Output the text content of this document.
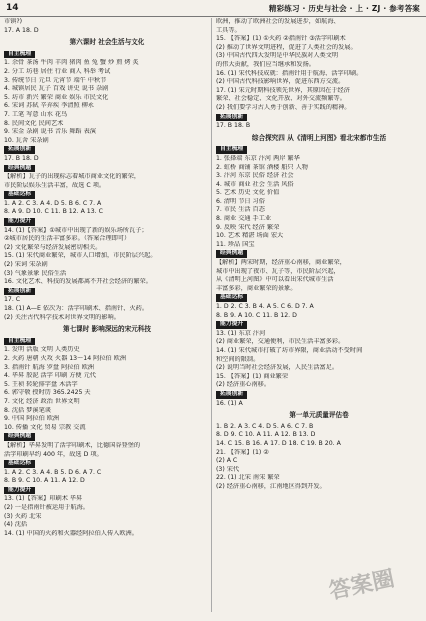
14	精彩练习 · 历史与社会 · 上 · ZJ · 参考答案
市镇?)
17. A 18. D
第六课时 社会生活与文化
自主梳理
1. 余骨 茶汤 牛肉 羊肉 猪肉 鱼 兔 蟹 炒 煎 烤 炙
2. 分工 坊巷 居住 行业 商人 科举 考试
3. 传统节日 元旦 元宵节 端午 中秋节
4. 城镇居民 瓦子 百戏 讲史 说书 杂剧
5. 坊市 新兴 繁荣 商业 娱乐 市民文化
6. 宋词 苏轼 辛弃疾 李清照 柳永
7. 工笔 写意 山水 花鸟
8. 民间文化 民间艺术
9. 宋金 杂剧 说书 音乐 舞蹈 表演
10. 瓦舍 宋杂剧
拓展创新
17. B 18. D
经典例题
【解析】瓦子的出现标志着城市商业文化的繁荣，
市民阶层娱乐生活丰富，故选 C 项。
基础达标
1. A 2. C 3. A 4. D 5. B 6. C 7. A
8. A 9. D 10. C 11. B 12. A 13. C
能力提升
14. (1)【答案】①城市中出现了新的娱乐场所瓦子；
②城市居民的生活丰富多彩。（答案合理即可）
(2) 文化繁荣与经济发展密切相关。
15. (1) 宋代商业繁荣，城市人口增加，市民阶层兴起。
(2) 宋词 宋杂剧
(3) 气象景象 民俗生活
16. 文化艺术、科技的发展都离不开社会经济的繁荣。
拓展创新
17. C
18. (1) A—E 依次为：活字印刷术、指南针、火药。
(2) 关注古代科学技术对世界文明的影响。
第七课时 影响深远的宋元科技
自主梳理
1. 发明 活版 文明 人类历史
2. 火药 唐朝 火攻 火器 13～14 阿拉伯 欧洲
3. 指南针 航海 罗盘 阿拉伯 欧洲
4. 毕昇 胶泥 活字 印刷 方便 元代
5. 王祯 转轮排字盘 木活字
6. 郭守敬 授时历 365.2425 天
7. 文化 经济 政治 世界文明
8. 沈括 梦溪笔谈
9. 中国 阿拉伯 欧洲
10. 传播 文化 贸易 宗教 交流
经典例题
【解析】毕昇发明了活字印刷术，比德国谷登堡的
活字印刷早约 400 年，故选 D 项。
基础达标
1. A 2. C 3. A 4. B 5. D 6. A 7. C
8. B 9. C 10. A 11. A 12. D
能力提升
13. (1)【答案】印刷术 毕昇
(2) 一是指南针被运用于航海。
(3) 火药 北宋
(4) 沈括
14. (1) 中国的火药和火器经阿拉伯人传入欧洲。
欧洲，推动了欧洲社会的发展进步，如航海、
工具等。
15. 【答案】(1) ①火药 ②指南针 ③活字印刷术
(2) 推动了世界文明进程，促进了人类社会的发展。
(3) 中国古代四大发明是中华民族对人类文明
的伟大贡献，我们应当继承和发扬。
16. (1) 宋代科技成就：指南针用于航海、活字印刷。
(2) 中国古代科技影响世界，促进东西方交流。
17. (1) 宋元时期科技领先世界，其原因在于经济
繁荣、社会稳定、文化开放、对外交流频繁等。
(2) 我们要学习古人勇于创新、善于实践的精神。
拓展创新
17. B 18. B
综合探究四 从《清明上河图》看北宋都市生活
自主梳理
1. 张择端 东京 汴河 两岸 繁华
2. 虹桥 商铺 茶馆 酒楼 船只 人物
3. 汴河 东京 民俗 经济 社会
4. 城市 商业 社会 生活 风俗
5. 艺术 历史 文化 价值
6. 清明 节日 习俗
7. 市民 生活 百态
8. 商业 交通 手工业
9. 反映 宋代 经济 繁荣
10. 艺术 精湛 场面 宏大
11. 珍品 国宝
经典例题
【解析】两宋时期，经济重心南移，商业繁荣，
城市中出现了夜市、瓦子等，市民阶层兴起，
从《清明上河图》中可以看出宋代城市生活
丰富多彩，商业繁荣的景象。
基础达标
1. D 2. C 3. B 4. A 5. C 6. D 7. A
8. B 9. A 10. C 11. B 12. D
能力提升
13. (1) 东京 汴河
(2) 商业繁荣，交通便利，市民生活丰富多彩。
14. (1) 宋代城市打破了坊市界限，商业活动不受时间
和空间的限制。
(2) 说明当时社会经济发展，人民生活富足。
15. 【答案】(1) 商业繁荣
(2) 经济重心南移。
拓展创新
16. (1) A
第一单元质量评估卷
1. B 2. A 3. C 4. D 5. A 6. C 7. B
8. D 9. C 10. A 11. A 12. B 13. D
14. C 15. B 16. A 17. D 18. C 19. B 20. A
21. 【答案】(1) ②
(2) A C
(3) 宋代
22. (1) 北宋 南宋 繁荣
(2) 经济重心南移，江南地区得到开发。
答案圈
